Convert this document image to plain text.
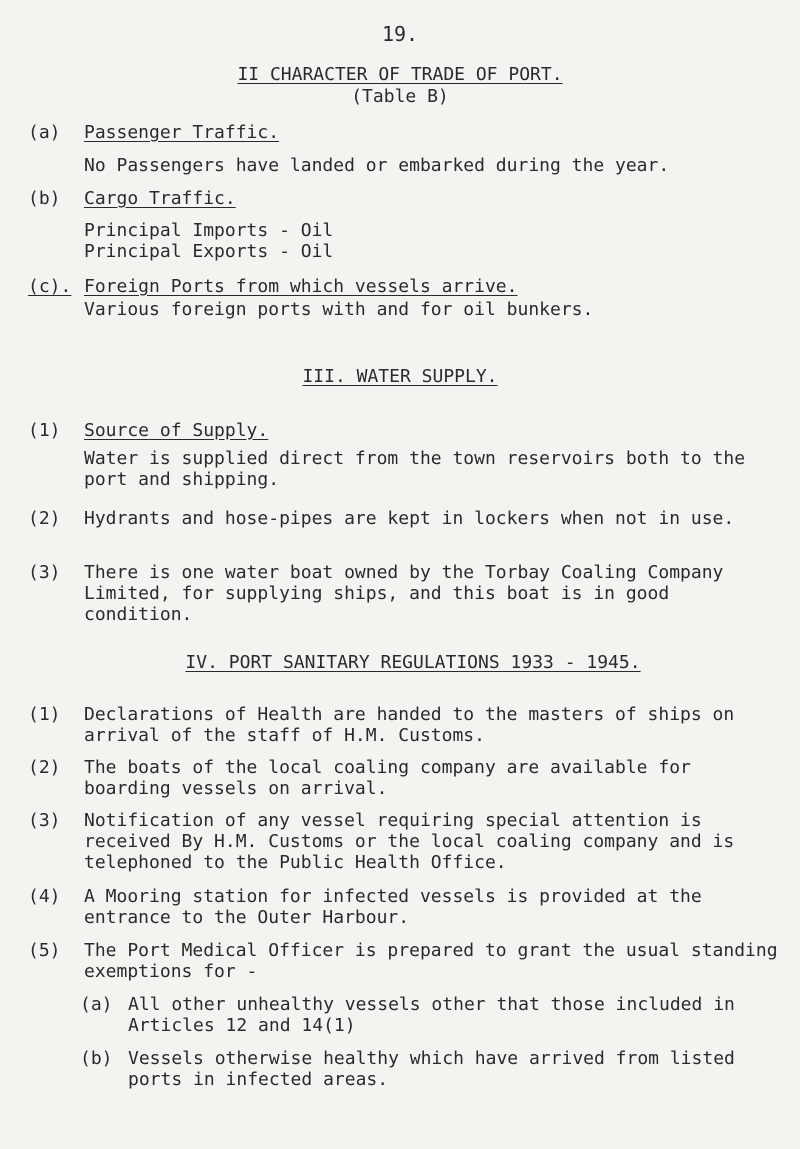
19.
II CHARACTER OF TRADE OF PORT.
(Table B)
(a)	Passenger Traffic.

No Passengers have landed or embarked during the year.

(b)	Cargo Traffic.

Principal Imports - Oil

Principal Exports - Oil

(c). Foreign Ports from which vessels arrive.

Various foreign ports with and for oil bunkers.

III. WATER SUPPLY.
(1)	Source of Supply.

Water is supplied direct from the town reservoirs both to the port and shipping.

(2)	Hydrants and hose-pipes are kept in lockers when not in use.

(3)	There is one water boat owned by the Torbay Coaling Company Limited, for supplying ships, and this boat is in good condition.

IV. PORT SANITARY REGULATIONS 1933 - 1945.
(1)	Declarations of Health are handed to the masters of ships on arrival of the staff of H.M. Customs.

(2)	The boats of the local coaling company are available for boarding vessels on arrival.

(3)	Notification of any vessel requiring special attention is received By H.M. Customs or the local coaling company and is telephoned to the Public Health Office.

(4)	A Mooring station for infected vessels is provided at the entrance to the Outer Harbour.

(5)	The Port Medical Officer is prepared to grant the usual standing exemptions for -

(a) All other unhealthy vessels other that those included in Articles 12 and 14(1)

(b) Vessels otherwise healthy which have arrived from listed ports in infected areas.
